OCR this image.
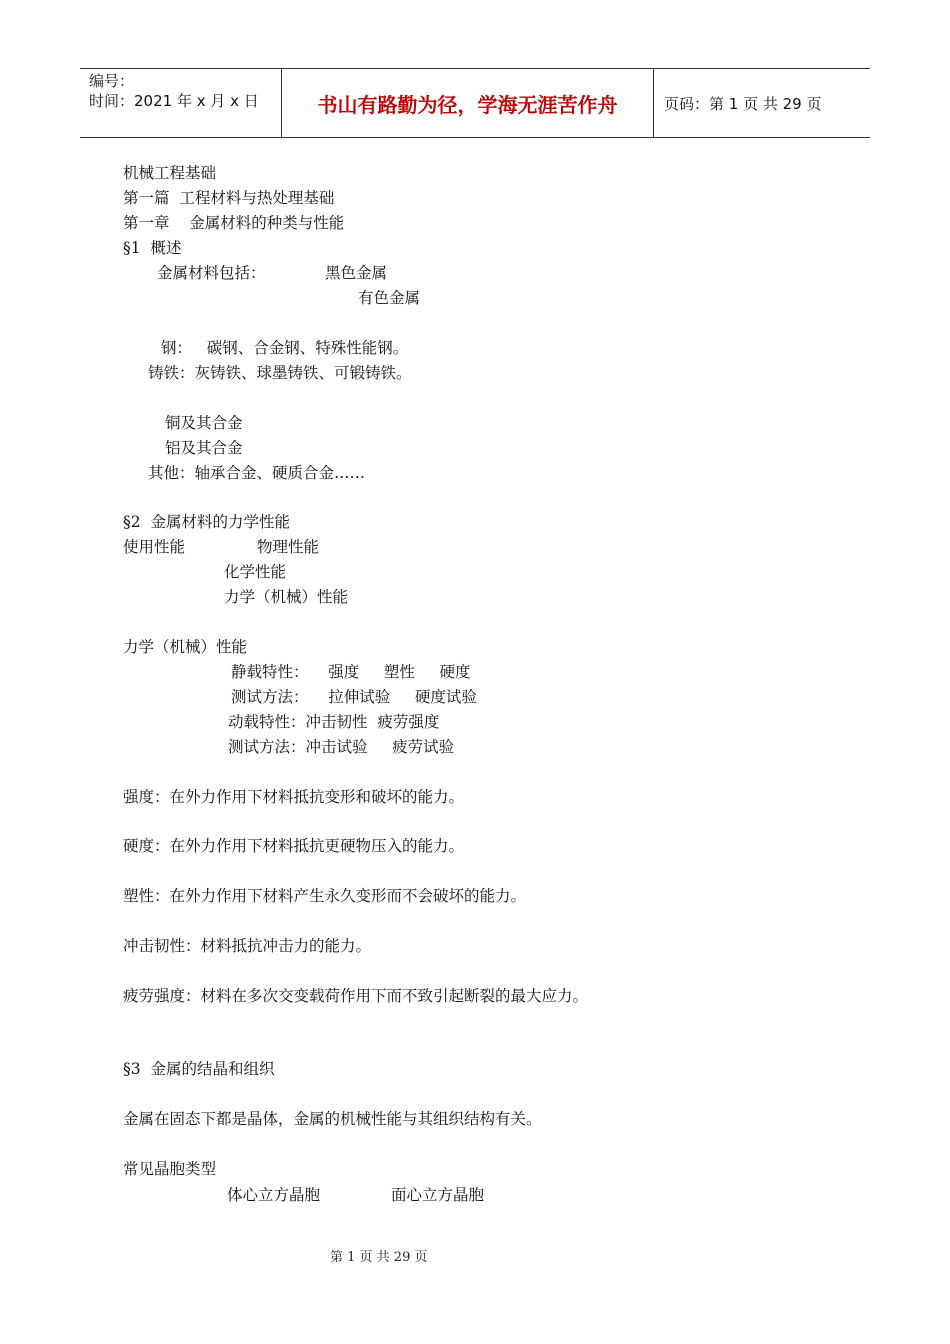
编号：
时间：2021 年 x 月 x 日	书山有路勤为径，学海无涯苦作舟	页码：第 1 页 共 29 页
机械工程基础
第一篇  工程材料与热处理基础
第一章    金属材料的种类与性能
§1  概述
金属材料包括：	黑色金属
有色金属
钢：   碳钢、合金钢、特殊性能钢。
铸铁：灰铸铁、球墨铸铁、可锻铸铁。
铜及其合金
铝及其合金
其他：轴承合金、硬质合金……
§2  金属材料的力学性能
使用性能	物理性能
化学性能
力学（机械）性能
力学（机械）性能
静载特性：    强度     塑性     硬度
测试方法：    拉伸试验     硬度试验
动载特性：冲击韧性  疲劳强度
测试方法：冲击试验     疲劳试验
强度：在外力作用下材料抵抗变形和破坏的能力。
硬度：在外力作用下材料抵抗更硬物压入的能力。
塑性：在外力作用下材料产生永久变形而不会破坏的能力。
冲击韧性：材料抵抗冲击力的能力。
疲劳强度：材料在多次交变载荷作用下而不致引起断裂的最大应力。
§3  金属的结晶和组织
金属在固态下都是晶体，金属的机械性能与其组织结构有关。
常见晶胞类型
体心立方晶胞	面心立方晶胞
第 1 页 共 29 页
